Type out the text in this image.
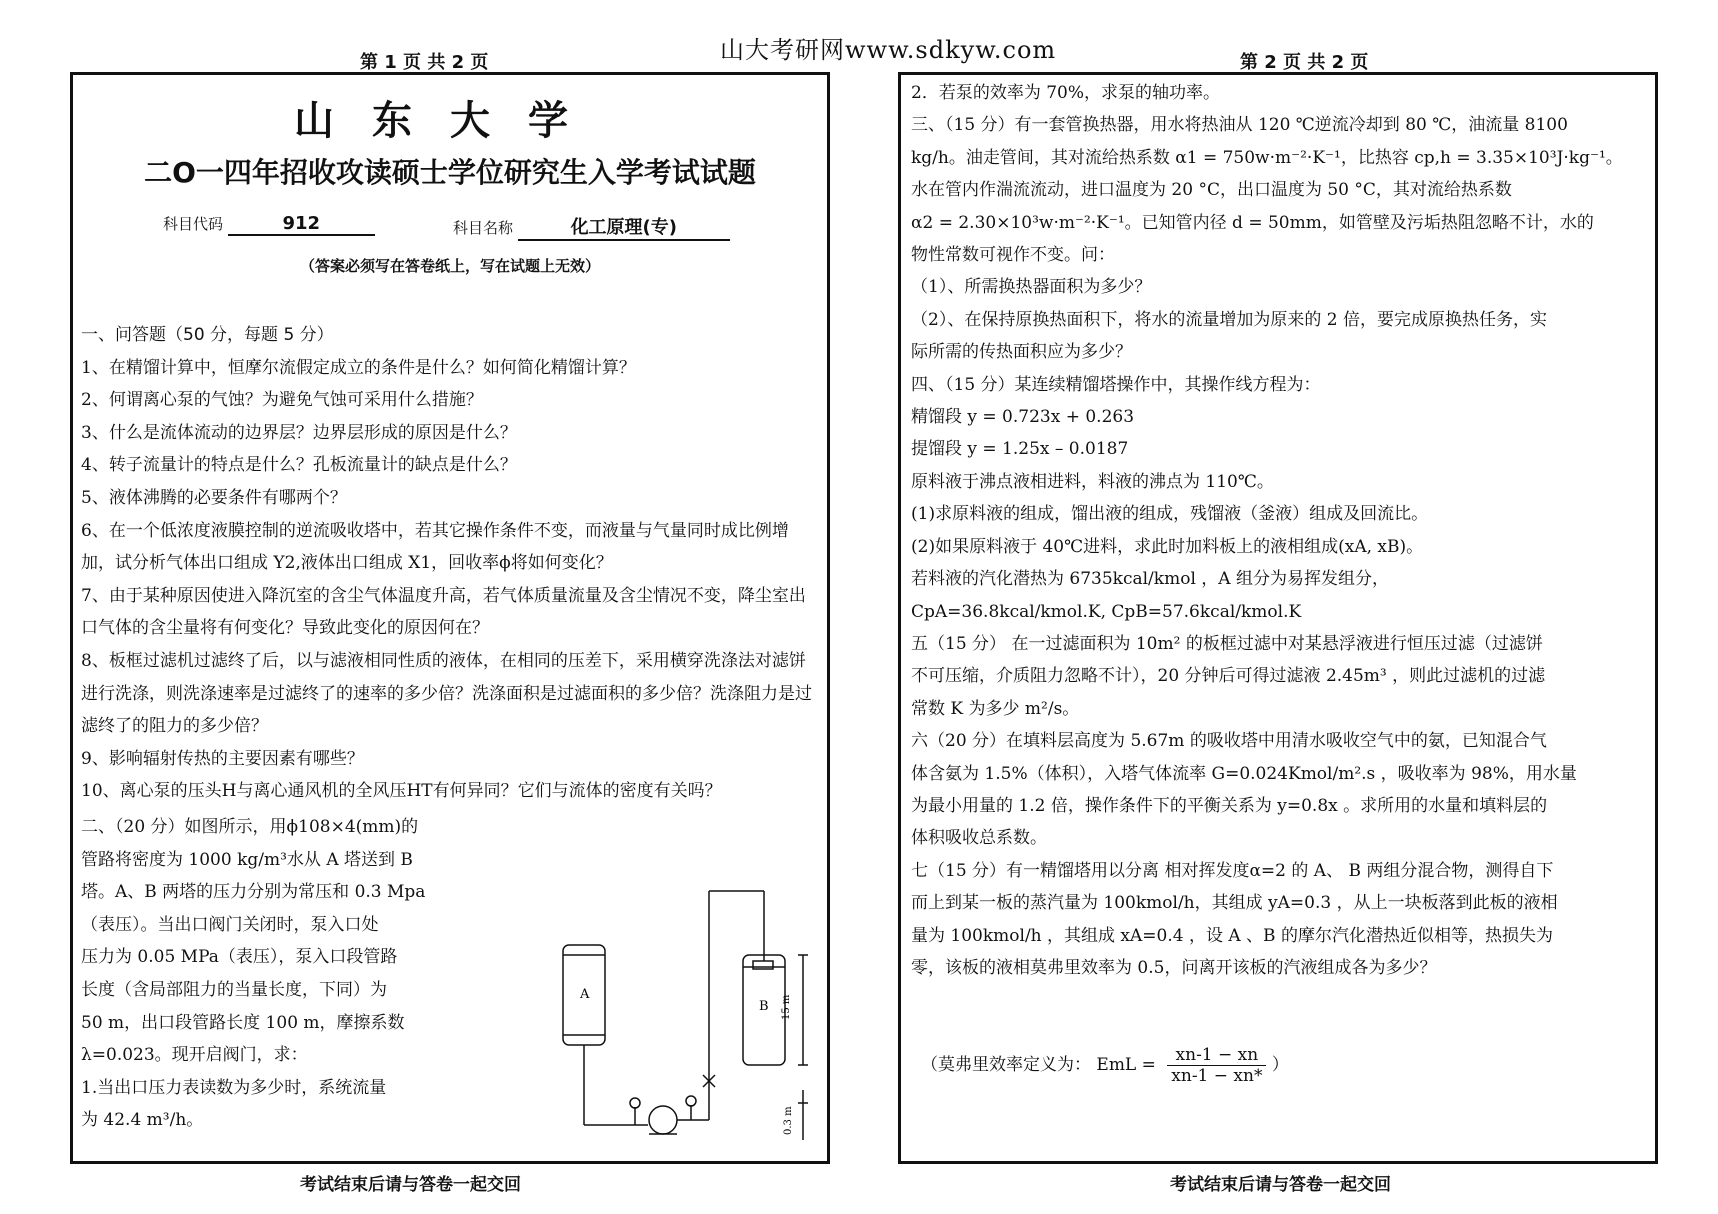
山大考研网www.sdkyw.com
第 1 页 共 2 页	第 2 页 共 2 页
山东大学
二O一四年招收攻读硕士学位研究生入学考试试题
科目代码	912	科目名称	化工原理(专)
（答案必须写在答卷纸上，写在试题上无效）

一、问答题（50 分，每题 5 分）

1、在精馏计算中，恒摩尔流假定成立的条件是什么？如何简化精馏计算？

2、何谓离心泵的气蚀？为避免气蚀可采用什么措施？

3、什么是流体流动的边界层？边界层形成的原因是什么？

4、转子流量计的特点是什么？孔板流量计的缺点是什么？

5、液体沸腾的必要条件有哪两个？

6、在一个低浓度液膜控制的逆流吸收塔中，若其它操作条件不变，而液量与气量同时成比例增加，试分析气体出口组成 Y2,液体出口组成 X1，回收率ϕ将如何变化？

7、由于某种原因使进入降沉室的含尘气体温度升高，若气体质量流量及含尘情况不变，降尘室出口气体的含尘量将有何变化？导致此变化的原因何在？

8、板框过滤机过滤终了后，以与滤液相同性质的液体，在相同的压差下，采用横穿洗涤法对滤饼进行洗涤，则洗涤速率是过滤终了的速率的多少倍？洗涤面积是过滤面积的多少倍？洗涤阻力是过滤终了的阻力的多少倍？

9、影响辐射传热的主要因素有哪些？

10、离心泵的压头H与离心通风机的全风压HT有何异同？它们与流体的密度有关吗？

二、（20 分）如图所示，用ϕ108×4(mm)的
管路将密度为 1000 kg/m³水从 A 塔送到 B
塔。A、B 两塔的压力分别为常压和 0.3 Mpa
（表压）。当出口阀门关闭时，泵入口处
压力为 0.05 MPa（表压），泵入口段管路
长度（含局部阻力的当量长度，下同）为
50 m，出口段管路长度 100 m，摩擦系数
λ=0.023。现开启阀门，求：
1.当出口压力表读数为多少时，系统流量
为 42.4 m³/h。
A
B 15 m
0.3 m

2．若泵的效率为 70%，求泵的轴功率。

三、（15 分）有一套管换热器，用水将热油从 120 ℃逆流冷却到 80 ℃，油流量 8100

kg/h。油走管间，其对流给热系数 α1 = 750w·m⁻²·K⁻¹，比热容 cp,h = 3.35×10³J·kg⁻¹。

水在管内作湍流流动，进口温度为 20 °C，出口温度为 50 °C，其对流给热系数

α2 = 2.30×10³w·m⁻²·K⁻¹。已知管内径 d = 50mm，如管壁及污垢热阻忽略不计，水的

物性常数可视作不变。问：

（1）、所需换热器面积为多少？

（2）、在保持原换热面积下，将水的流量增加为原来的 2 倍，要完成原换热任务，实

际所需的传热面积应为多少？

四、（15 分）某连续精馏塔操作中，其操作线方程为：

精馏段 y = 0.723x + 0.263

提馏段 y = 1.25x – 0.0187

原料液于沸点液相进料，料液的沸点为 110℃。

(1)求原料液的组成，馏出液的组成，残馏液（釜液）组成及回流比。

(2)如果原料液于 40℃进料，求此时加料板上的液相组成(xA, xB)。

若料液的汽化潜热为 6735kcal/kmol ，A 组分为易挥发组分，

CpA=36.8kcal/kmol.K, CpB=57.6kcal/kmol.K

五（15 分） 在一过滤面积为 10m² 的板框过滤中对某悬浮液进行恒压过滤（过滤饼

不可压缩，介质阻力忽略不计），20 分钟后可得过滤液 2.45m³ ，则此过滤机的过滤

常数 K 为多少 m²/s。

六（20 分）在填料层高度为 5.67m 的吸收塔中用清水吸收空气中的氨，已知混合气

体含氨为 1.5%（体积），入塔气体流率 G=0.024Kmol/m².s ，吸收率为 98%，用水量

为最小用量的 1.2 倍，操作条件下的平衡关系为 y=0.8x 。求所用的水量和填料层的

体积吸收总系数。

七（15 分）有一精馏塔用以分离 相对挥发度α=2 的 A、 B 两组分混合物，测得自下

而上到某一板的蒸汽量为 100kmol/h，其组成 yA=0.3 ，从上一块板落到此板的液相

量为 100kmol/h ，其组成 xA=0.4 ，设 A 、B 的摩尔汽化潜热近似相等，热损失为

零，该板的液相莫弗里效率为 0.5，问离开该板的汽液组成各为多少？

（莫弗里效率定义为： EmL = $\frac{xn-1 - xn}{xn-1 - xn*}$ ）
考试结束后请与答卷一起交回	考试结束后请与答卷一起交回
